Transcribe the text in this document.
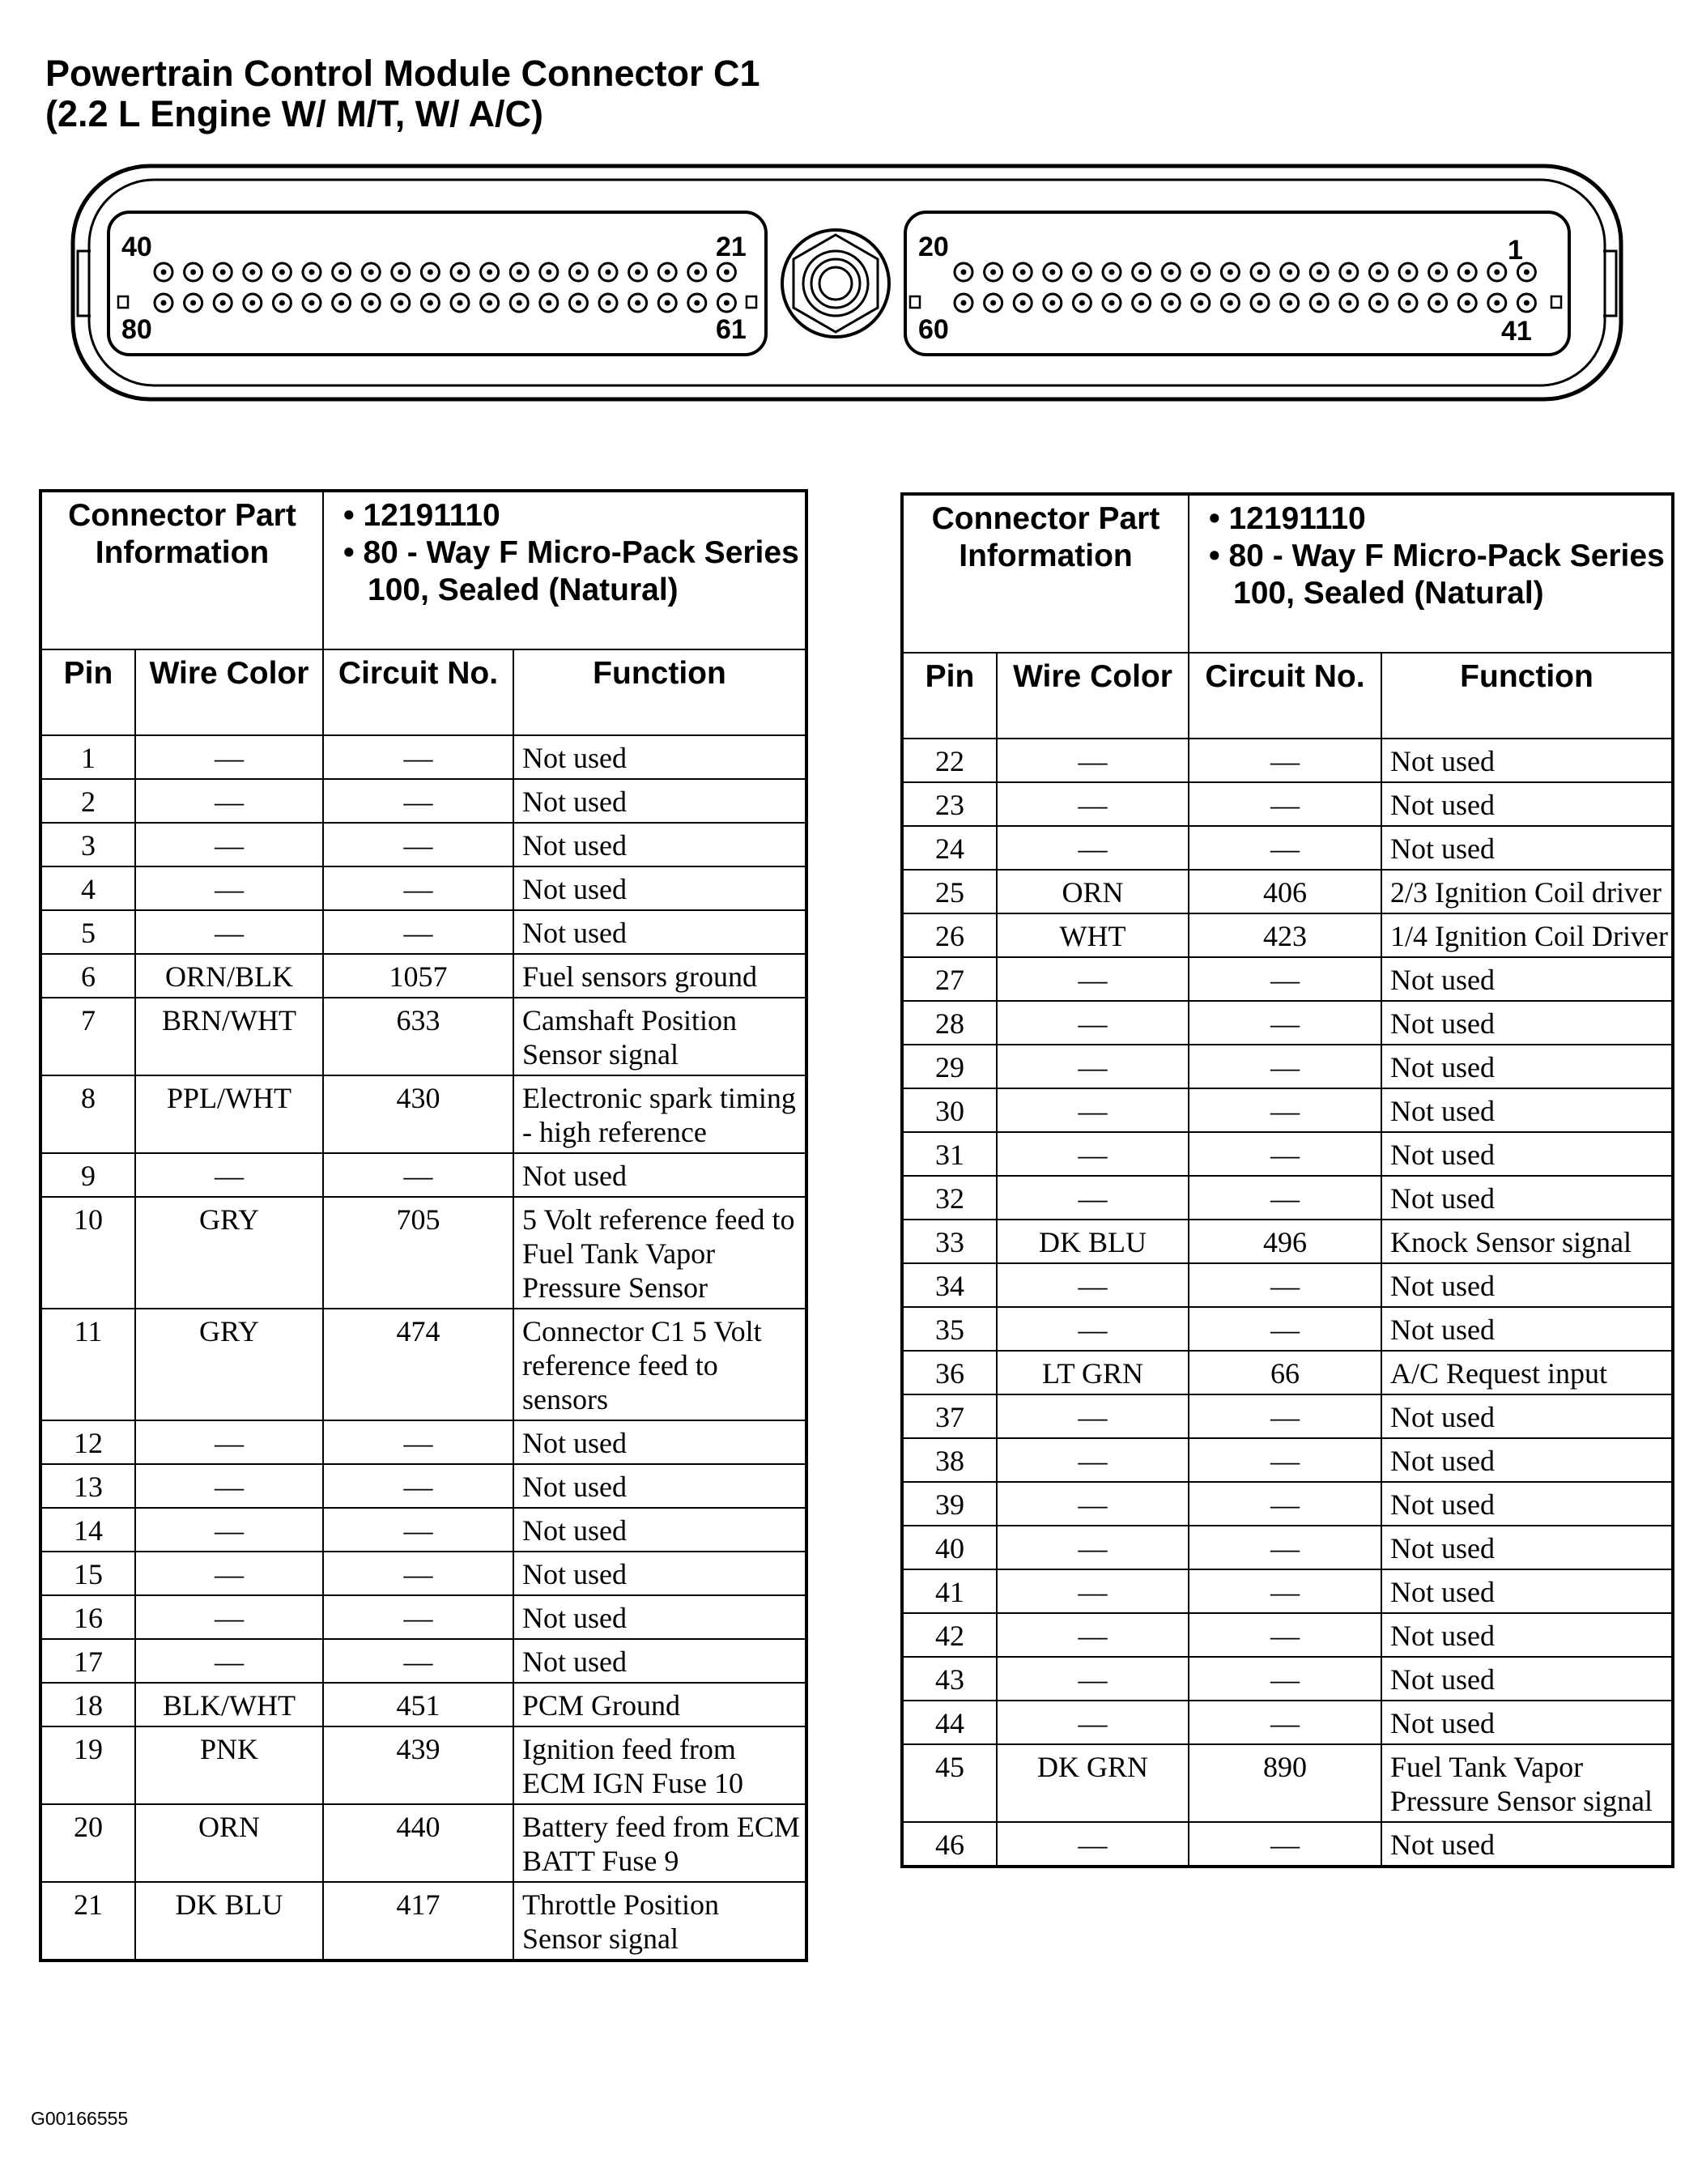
Powertrain Control Module Connector C1
(2.2 L Engine W/ M/T, W/ A/C)
40	21
80	61
20	1
60	41
Connector Part Information		• 12191110
• 80 - Way F Micro-Pack Series 100, Sealed (Natural)	

Pin	Wire Color	Circuit No.	Function
1	—	—	Not used
2	—	—	Not used
3	—	—	Not used
4	—	—	Not used
5	—	—	Not used
6	ORN/BLK	1057	Fuel sensors ground
7	BRN/WHT	633	Camshaft Position Sensor signal
8	PPL/WHT	430	Electronic spark timing - high reference
9	—	—	Not used
10	GRY	705	5 Volt reference feed to Fuel Tank Vapor Pressure Sensor
11	GRY	474	Connector C1 5 Volt reference feed to sensors
12	—	—	Not used
13	—	—	Not used
14	—	—	Not used
15	—	—	Not used
16	—	—	Not used
17	—	—	Not used
18	BLK/WHT	451	PCM Ground
19	PNK	439	Ignition feed from ECM IGN Fuse 10
20	ORN	440	Battery feed from ECM BATT Fuse 9
21	DK BLU	417	Throttle Position Sensor signal
Connector Part Information		• 12191110
• 80 - Way F Micro-Pack Series 100, Sealed (Natural)	

Pin	Wire Color	Circuit No.	Function
22	—	—	Not used
23	—	—	Not used
24	—	—	Not used
25	ORN	406	2/3 Ignition Coil driver
26	WHT	423	1/4 Ignition Coil Driver
27	—	—	Not used
28	—	—	Not used
29	—	—	Not used
30	—	—	Not used
31	—	—	Not used
32	—	—	Not used
33	DK BLU	496	Knock Sensor signal
34	—	—	Not used
35	—	—	Not used
36	LT GRN	66	A/C Request input
37	—	—	Not used
38	—	—	Not used
39	—	—	Not used
40	—	—	Not used
41	—	—	Not used
42	—	—	Not used
43	—	—	Not used
44	—	—	Not used
45	DK GRN	890	Fuel Tank Vapor Pressure Sensor signal
46	—	—	Not used
G00166555
